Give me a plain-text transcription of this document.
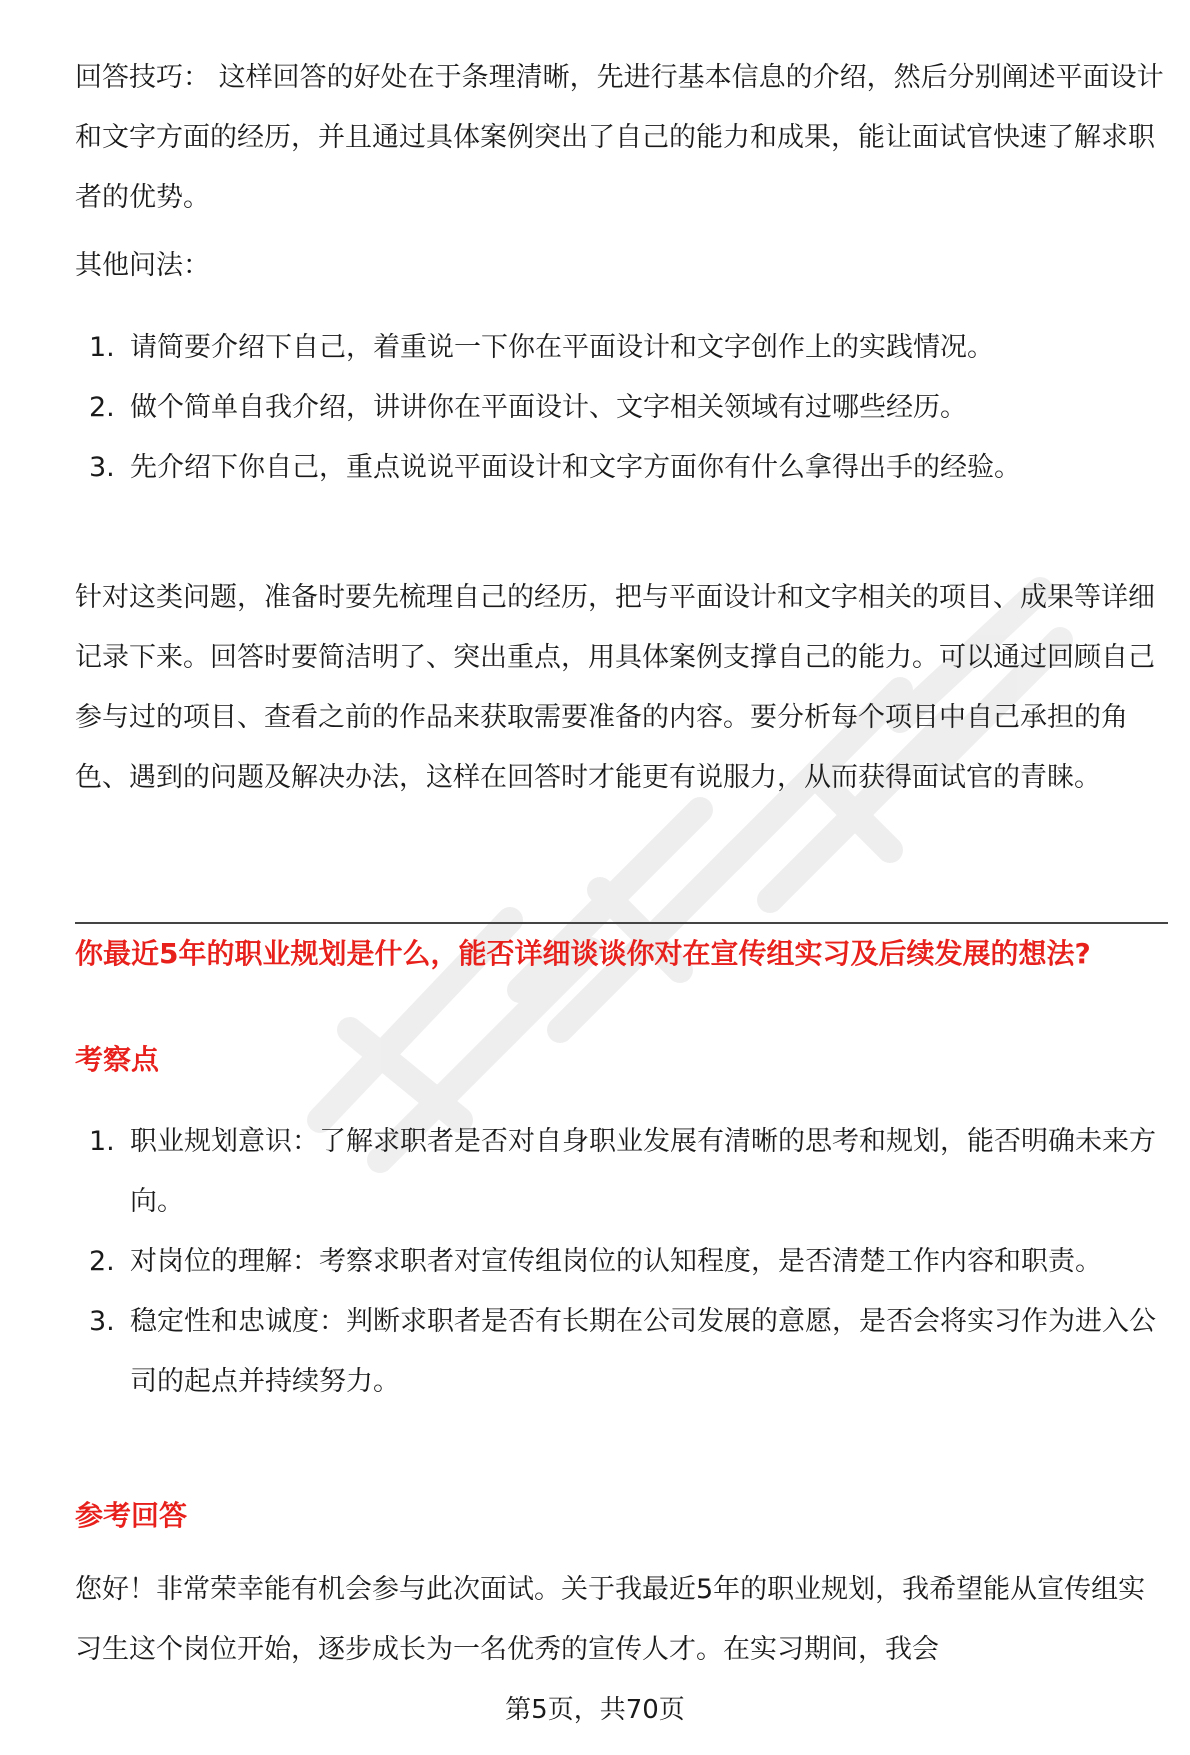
回答技巧： 这样回答的好处在于条理清晰，先进行基本信息的介绍，然后分别阐述平面设计和文字方面的经历，并且通过具体案例突出了自己的能力和成果，能让面试官快速了解求职者的优势。

其他问法：

1. 请简要介绍下自己，着重说一下你在平面设计和文字创作上的实践情况。
2. 做个简单自我介绍，讲讲你在平面设计、文字相关领域有过哪些经历。
3. 先介绍下你自己，重点说说平面设计和文字方面你有什么拿得出手的经验。

针对这类问题，准备时要先梳理自己的经历，把与平面设计和文字相关的项目、成果等详细记录下来。回答时要简洁明了、突出重点，用具体案例支撑自己的能力。可以通过回顾自己参与过的项目、查看之前的作品来获取需要准备的内容。要分析每个项目中自己承担的角色、遇到的问题及解决办法，这样在回答时才能更有说服力，从而获得面试官的青睐。

你最近5年的职业规划是什么，能否详细谈谈你对在宣传组实习及后续发展的想法?

考察点

1. 职业规划意识：了解求职者是否对自身职业发展有清晰的思考和规划，能否明确未来方向。
2. 对岗位的理解：考察求职者对宣传组岗位的认知程度，是否清楚工作内容和职责。
3. 稳定性和忠诚度：判断求职者是否有长期在公司发展的意愿，是否会将实习作为进入公司的起点并持续努力。

参考回答

您好！非常荣幸能有机会参与此次面试。关于我最近5年的职业规划，我希望能从宣传组实习生这个岗位开始，逐步成长为一名优秀的宣传人才。在实习期间，我会

第5页，共70页
